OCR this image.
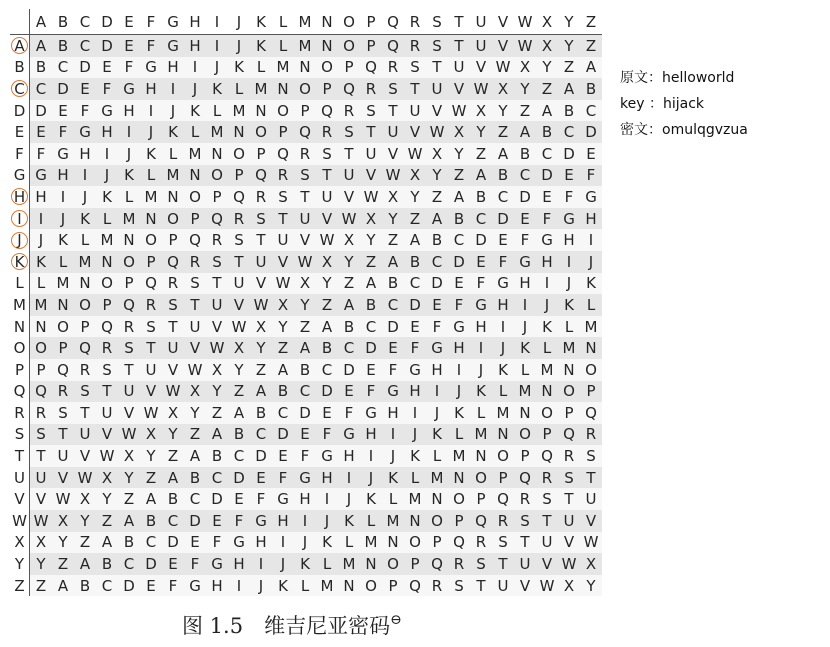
A B C D E F G H I	J K L M N O P Q R S T U V W X Y Z
A A B C D E F G H I	J K L M N O P Q R S T U V W X Y Z
B B C D E F G H I	J K L M N O P Q R S T U V W X Y Z A
C C D E F G H I	J K L M N O P Q R S T U V W X Y Z A B
D D E F G H I	J K L M N O P Q R S T U V W X Y Z A B C
E E F G H I	J K L M N O P Q R S T U V W X Y Z A B C D
F F G H I	J K L M N O P Q R S T U V W X Y Z A B C D E
G G H I	J K L M N O P Q R S T U V W X Y Z A B C D E F
H H I	J K L M N O P Q R S T U V W X Y Z A B C D E F G
I	I	J K L M N O P Q R S T U V W X Y Z A B C D E F G H
J	J K L M N O P Q R S T U V W X Y Z A B C D E F G H I
K K L M N O P Q R S T U V W X Y Z A B C D E F G H I	J
L L M N O P Q R S T U V W X Y Z A B C D E F G H I	J K
M M N O P Q R S T U V W X Y Z A B C D E F G H I	J K L
N N O P Q R S T U V W X Y Z A B C D E F G H I	J K L M
O O P Q R S T U V W X Y Z A B C D E F G H I	J K L M N
P P Q R S T U V W X Y Z A B C D E F G H I	J K L M N O
Q Q R S T U V W X Y Z A B C D E F G H I	J K L M N O P
R R S T U V W X Y Z A B C D E F G H I	J K L M N O P Q
S S T U V W X Y Z A B C D E F G H I	J K L M N O P Q R
T T U V W X Y Z A B C D E F G H I	J K L M N O P Q R S
U U V W X Y Z A B C D E F G H I	J K L M N O P Q R S T
V V W X Y Z A B C D E F G H I	J K L M N O P Q R S T U
W W X Y Z A B C D E F G H I	J K L M N O P Q R S T U V
X X Y Z A B C D E F G H I	J K L M N O P Q R S T U V W
Y Y Z A B C D E F G H I	J K L M N O P Q R S T U V W X
Z Z A B C D E F G H I	J K L M N O P Q R S T U V W X Y
原文：helloworld
key ：hijack
密文：omulqgvzua
图 1.5　维吉尼亚密码⊖
